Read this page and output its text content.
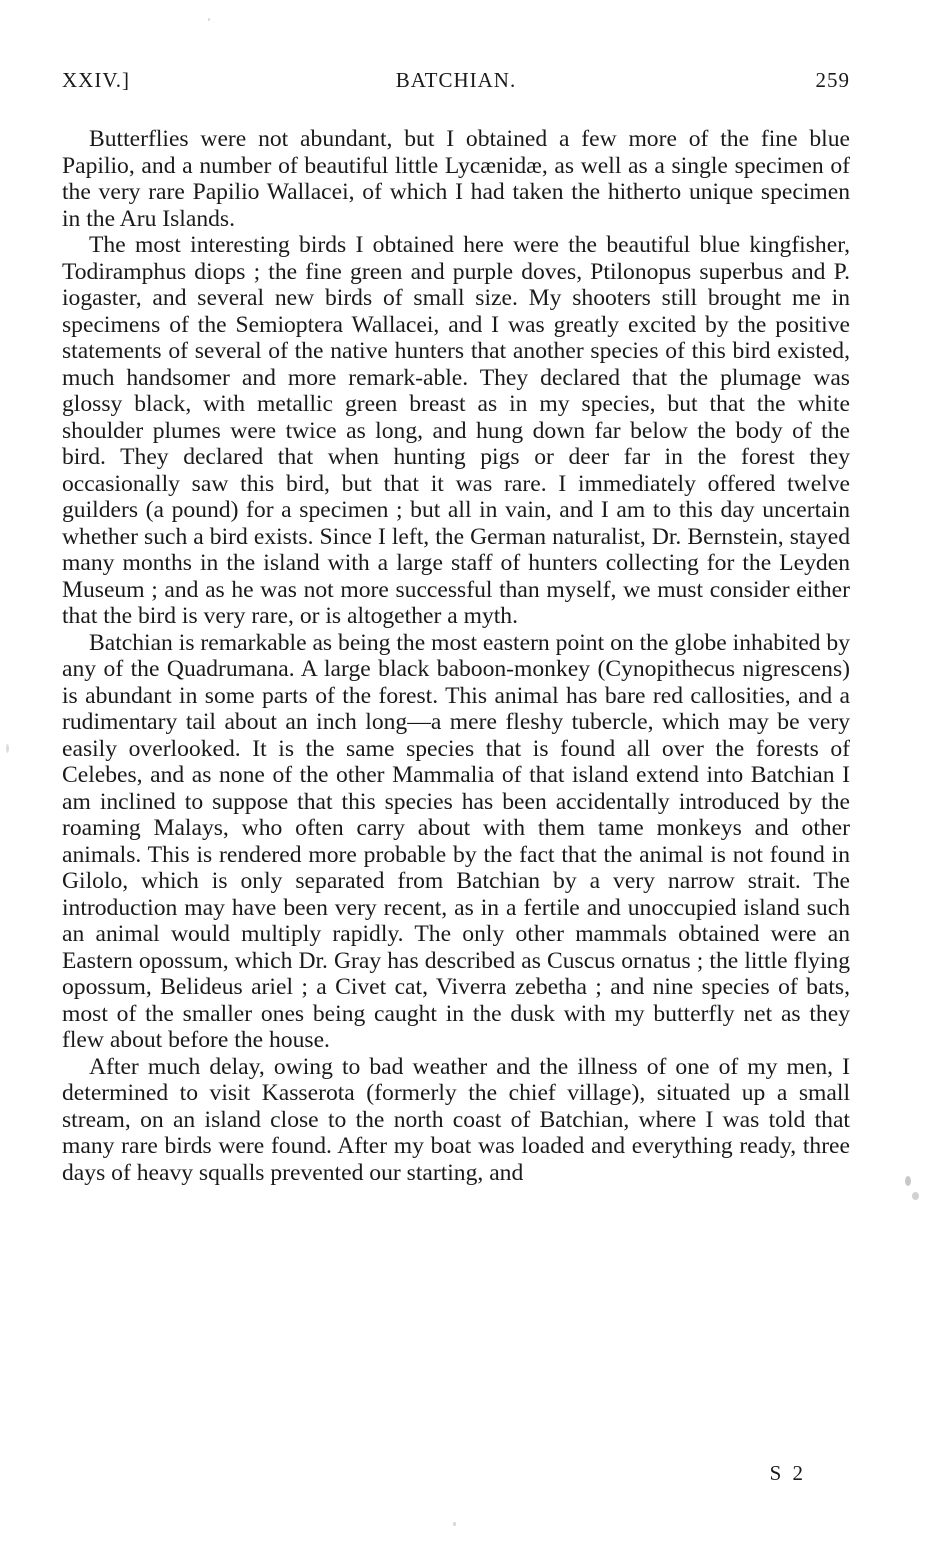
XXIV.]	BATCHIAN.	259

Butterflies were not abundant, but I obtained a few more of the fine blue Papilio, and a number of beautiful little Lycænidæ, as well as a single specimen of the very rare Papilio Wallacei, of which I had taken the hitherto unique specimen in the Aru Islands.

The most interesting birds I obtained here were the beautiful blue kingfisher, Todiramphus diops ; the fine green and purple doves, Ptilonopus superbus and P. iogaster, and several new birds of small size. My shooters still brought me in specimens of the Semioptera Wallacei, and I was greatly excited by the positive statements of several of the native hunters that another species of this bird existed, much handsomer and more remark-able. They declared that the plumage was glossy black, with metallic green breast as in my species, but that the white shoulder plumes were twice as long, and hung down far below the body of the bird. They declared that when hunting pigs or deer far in the forest they occasionally saw this bird, but that it was rare. I immediately offered twelve guilders (a pound) for a specimen ; but all in vain, and I am to this day uncertain whether such a bird exists. Since I left, the German naturalist, Dr. Bernstein, stayed many months in the island with a large staff of hunters collecting for the Leyden Museum ; and as he was not more successful than myself, we must consider either that the bird is very rare, or is altogether a myth.

Batchian is remarkable as being the most eastern point on the globe inhabited by any of the Quadrumana. A large black baboon-monkey (Cynopithecus nigrescens) is abundant in some parts of the forest. This animal has bare red callosities, and a rudimentary tail about an inch long—a mere fleshy tubercle, which may be very easily overlooked. It is the same species that is found all over the forests of Celebes, and as none of the other Mammalia of that island extend into Batchian I am inclined to suppose that this species has been accidentally introduced by the roaming Malays, who often carry about with them tame monkeys and other animals. This is rendered more probable by the fact that the animal is not found in Gilolo, which is only separated from Batchian by a very narrow strait. The introduction may have been very recent, as in a fertile and unoccupied island such an animal would multiply rapidly. The only other mammals obtained were an Eastern opossum, which Dr. Gray has described as Cuscus ornatus ; the little flying opossum, Belideus ariel ; a Civet cat, Viverra zebetha ; and nine species of bats, most of the smaller ones being caught in the dusk with my butterfly net as they flew about before the house.

After much delay, owing to bad weather and the illness of one of my men, I determined to visit Kasserota (formerly the chief village), situated up a small stream, on an island close to the north coast of Batchian, where I was told that many rare birds were found. After my boat was loaded and everything ready, three days of heavy squalls prevented our starting, and

S 2
